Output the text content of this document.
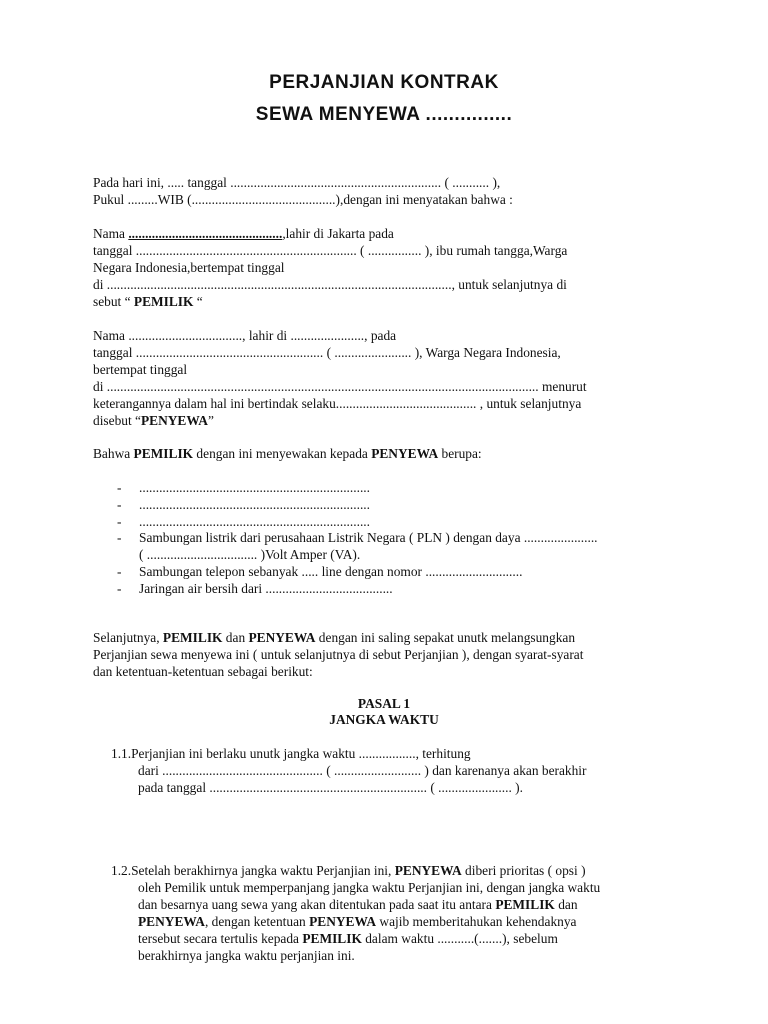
PERJANJIAN KONTRAK
SEWA MENYEWA ...............
Pada hari ini, ..... tanggal ............................................................... ( ........... ),
Pukul .........WIB (...........................................),dengan ini menyatakan bahwa :
Nama ..............................................,lahir di Jakarta pada
tanggal .................................................................. ( ................ ), ibu rumah tangga,Warga
Negara Indonesia,bertempat tinggal
di ......................................................................................................., untuk selanjutnya di
sebut “ PEMILIK “
Nama .................................., lahir di ......................, pada
tanggal ........................................................ ( ....................... ), Warga Negara Indonesia,
bertempat tinggal
di ................................................................................................................................. menurut
keterangannya dalam hal ini bertindak selaku.......................................... , untuk selanjutnya
disebut “PENYEWA”
Bahwa PEMILIK dengan ini menyewakan kepada PENYEWA berupa:
- .....................................................................
- .....................................................................
- .....................................................................
- Sambungan listrik dari perusahaan Listrik Negara ( PLN ) dengan daya ......................
( ................................. )Volt Amper (VA).
- Sambungan telepon sebanyak ..... line dengan nomor .............................
- Jaringan air bersih dari ......................................
Selanjutnya, PEMILIK dan PENYEWA dengan ini saling sepakat unutk melangsungkan
Perjanjian sewa menyewa ini ( untuk selanjutnya di sebut Perjanjian ), dengan syarat-syarat
dan ketentuan-ketentuan sebagai berikut:
PASAL 1
JANGKA WAKTU
1.1.Perjanjian ini berlaku unutk jangka waktu ................., terhitung
dari ................................................ ( .......................... ) dan karenanya akan berakhir
pada tanggal ................................................................. ( ...................... ).
1.2.Setelah berakhirnya jangka waktu Perjanjian ini, PENYEWA diberi prioritas ( opsi )
oleh Pemilik untuk memperpanjang jangka waktu Perjanjian ini, dengan jangka waktu
dan besarnya uang sewa yang akan ditentukan pada saat itu antara PEMILIK dan
PENYEWA, dengan ketentuan PENYEWA wajib memberitahukan kehendaknya
tersebut secara tertulis kepada PEMILIK dalam waktu ...........(.......), sebelum
berakhirnya jangka waktu perjanjian ini.
